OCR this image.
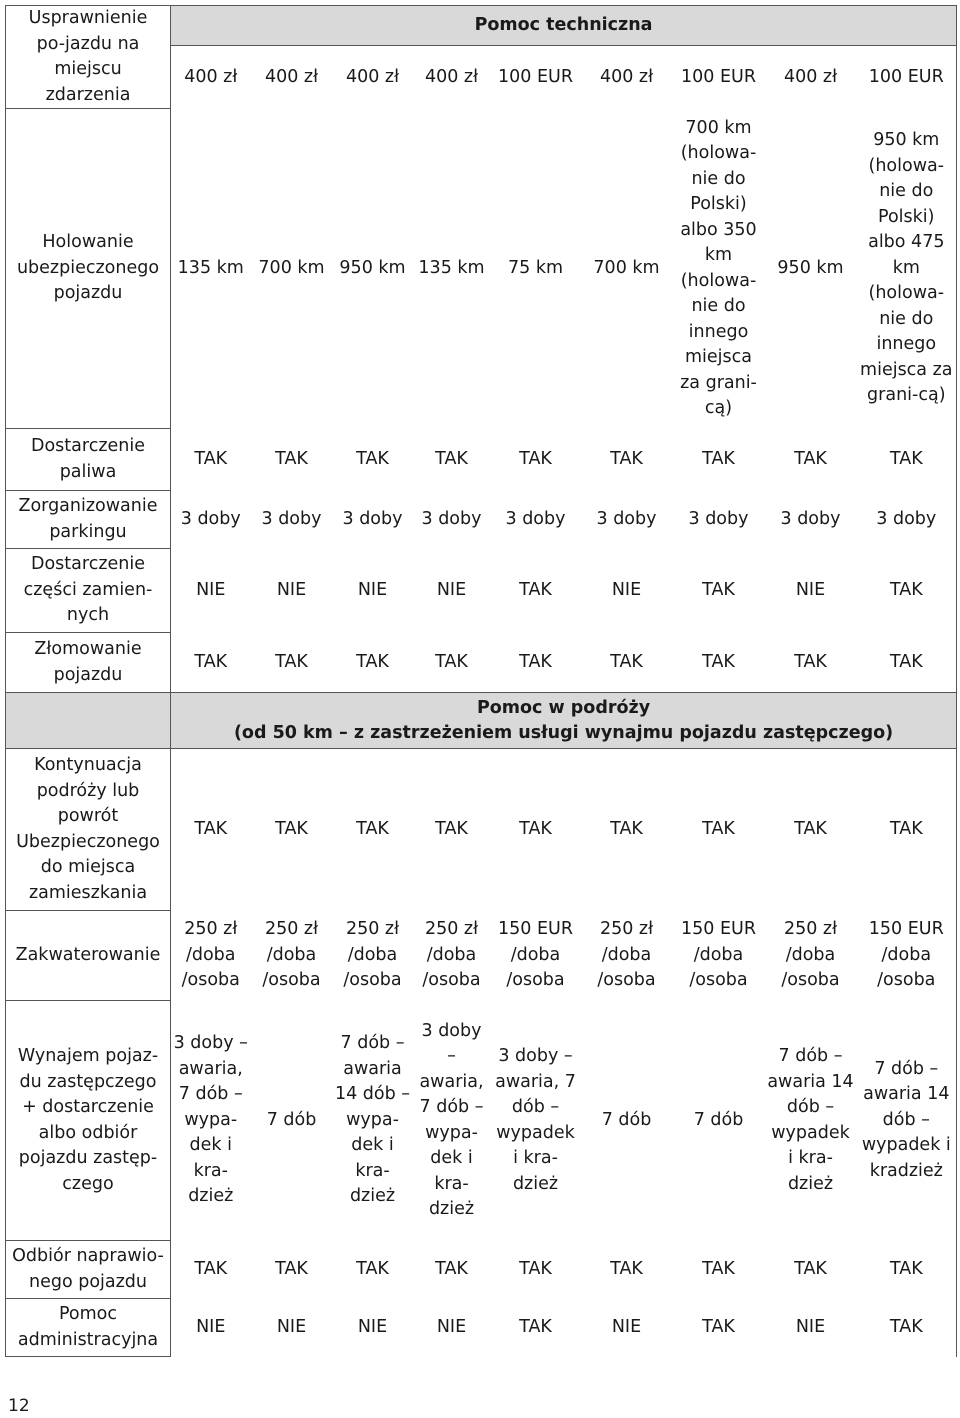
Usprawnienie po-jazdu na miejscu zdarzenia	Pomoc techniczna								
	400 zł	400 zł	400 zł	400 zł	100 EUR	400 zł	100 EUR	400 zł	100 EUR
Holowanie ubezpieczonego pojazdu	135 km	700 km	950 km	135 km	75 km	700 km	700 km (holowa-nie do Polski) albo 350 km (holowa-nie do innego miejsca za grani-cą)	950 km	950 km (holowa-nie do Polski) albo 475 km (holowa-nie do innego miejsca za grani-cą)
Dostarczenie paliwa	TAK	TAK	TAK	TAK	TAK	TAK	TAK	TAK	TAK
Zorganizowanie parkingu	3 doby	3 doby	3 doby	3 doby	3 doby	3 doby	3 doby	3 doby	3 doby
Dostarczenie części zamien-nych	NIE	NIE	NIE	NIE	TAK	NIE	TAK	NIE	TAK
Złomowanie pojazdu	TAK	TAK	TAK	TAK	TAK	TAK	TAK	TAK	TAK

	Pomoc w podróży
(od 50 km – z zastrzeżeniem usługi wynajmu pojazdu zastępczego)								

Kontynuacja podróży lub powrót Ubezpieczonego do miejsca zamieszkania	TAK	TAK	TAK	TAK	TAK	TAK	TAK	TAK	TAK
Zakwaterowanie	250 zł /doba /osoba	250 zł /doba /osoba	250 zł /doba /osoba	250 zł /doba /osoba	150 EUR /doba /osoba	250 zł /doba /osoba	150 EUR /doba /osoba	250 zł /doba /osoba	150 EUR /doba /osoba
Wynajem pojaz-du zastępczego + dostarczenie albo odbiór pojazdu zastęp-czego	3 doby – awaria, 7 dób – wypa-dek i kra-dzież	7 dób	7 dób – awaria 14 dób – wypa-dek i kra-dzież	3 doby – awaria, 7 dób – wypa-dek i kra-dzież	3 doby – awaria, 7 dób – wypadek i kra-dzież	7 dób	7 dób	7 dób – awaria 14 dób – wypadek i kra-dzież	7 dób – awaria 14 dób – wypadek i kradzież
Odbiór naprawio-nego pojazdu	TAK	TAK	TAK	TAK	TAK	TAK	TAK	TAK	TAK
Pomoc administracyjna	NIE	NIE	NIE	NIE	TAK	NIE	TAK	NIE	TAK
12
